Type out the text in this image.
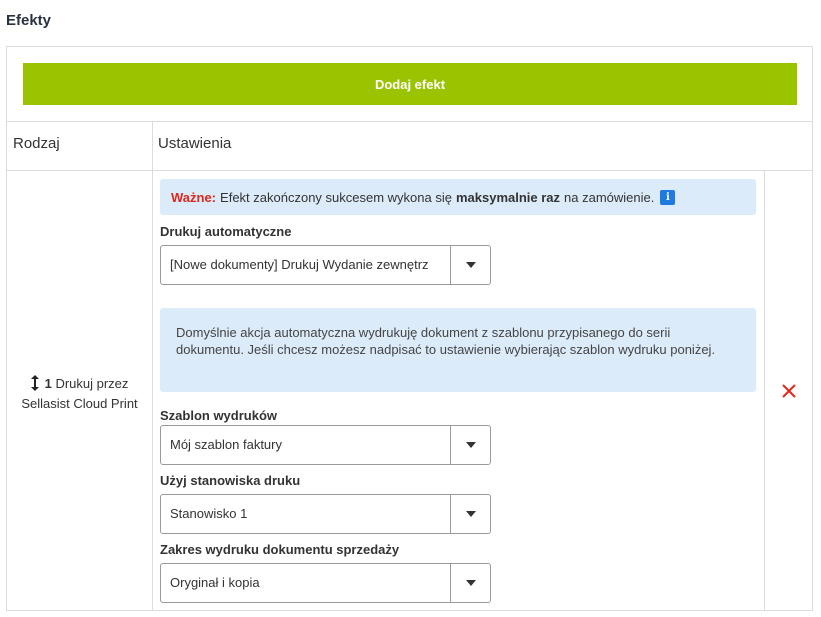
Efekty
Dodaj efekt
Rodzaj	Ustawienia
1 Drukuj przez
Sellasist Cloud Print
Ważne: Efekt zakończony sukcesem wykona się maksymalnie raz na zamówienie.	i
Drukuj automatyczne
[Nowe dokumenty] Drukuj Wydanie zewnętrz
Domyślnie akcja automatyczna wydrukuję dokument z szablonu przypisanego do serii dokumentu. Jeśli chcesz możesz nadpisać to ustawienie wybierając szablon wydruku poniżej.
Szablon wydruków
Mój szablon faktury
Użyj stanowiska druku
Stanowisko 1
Zakres wydruku dokumentu sprzedaży
Oryginał i kopia
